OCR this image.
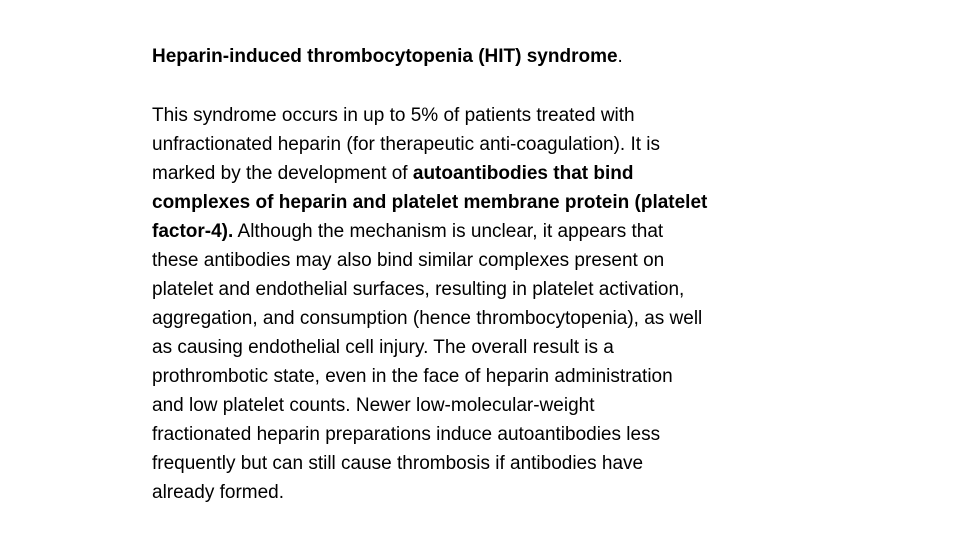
Heparin-induced thrombocytopenia (HIT) syndrome.

This syndrome occurs in up to 5% of patients treated with
unfractionated heparin (for therapeutic anti-coagulation). It is
marked by the development of autoantibodies that bind
complexes of heparin and platelet membrane protein (platelet
factor-4). Although the mechanism is unclear, it appears that
these antibodies may also bind similar complexes present on
platelet and endothelial surfaces, resulting in platelet activation,
aggregation, and consumption (hence thrombocytopenia), as well
as causing endothelial cell injury. The overall result is a
prothrombotic state, even in the face of heparin administration
and low platelet counts. Newer low-molecular-weight
fractionated heparin preparations induce autoantibodies less
frequently but can still cause thrombosis if antibodies have
already formed.
